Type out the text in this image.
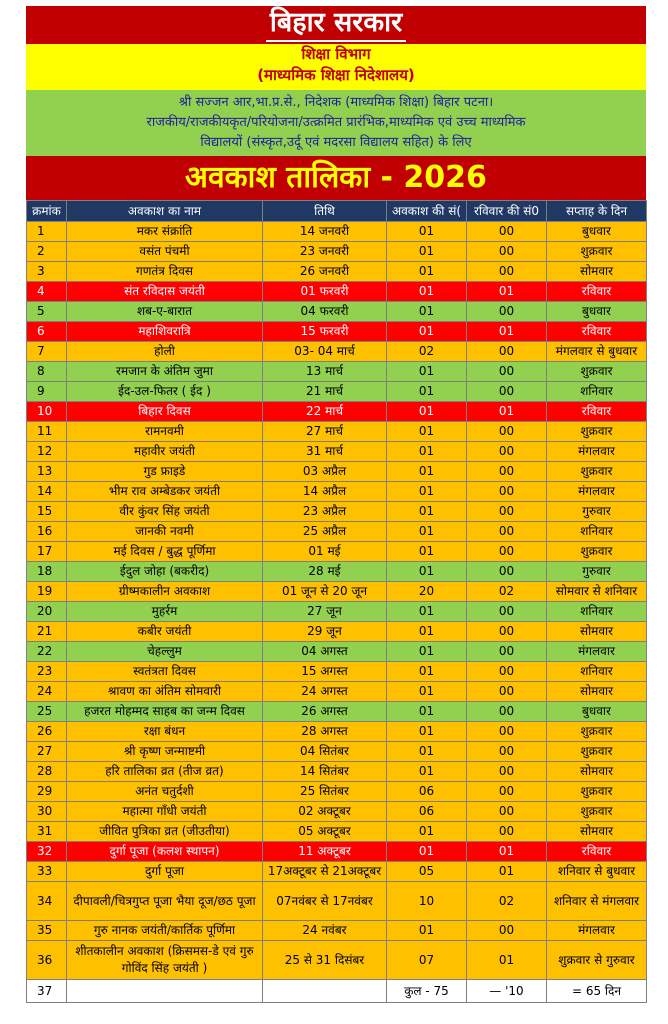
बिहार सरकार
शिक्षा विभाग
(माध्यमिक शिक्षा निदेशालय)
श्री सज्जन आर,भा.प्र.से., निदेशक (माध्यमिक शिक्षा) बिहार पटना।
राजकीय/राजकीयकृत/परियोजना/उत्क्रमित प्रारंभिक,माध्यमिक एवं उच्च माध्यमिक
विद्यालयों (संस्कृत,उर्दू एवं मदरसा विद्यालय सहित) के लिए
अवकाश तालिका - 2026
क्रमांक	अवकाश का नाम	तिथि	अवकाश की सं(	रविवार की सं0	सप्ताह के दिन
1	मकर संक्रांति	14 जनवरी	01	00	बुधवार
2	वसंत पंचमी	23 जनवरी	01	00	शुक्रवार
3	गणतंत्र दिवस	26 जनवरी	01	00	सोमवार
4	संत रविदास जयंती	01 फरवरी	01	01	रविवार
5	शब-ए-बारात	04 फरवरी	01	00	बुधवार
6	महाशिवरात्रि	15 फरवरी	01	01	रविवार
7	होली	03- 04 मार्च	02	00	मंगलवार से बुधवार
8	रमजान के अंतिम जुमा	13 मार्च	01	00	शुक्रवार
9	ईद-उल-फितर ( ईद )	21 मार्च	01	00	शनिवार
10	बिहार दिवस	22 मार्च	01	01	रविवार
11	रामनवमी	27 मार्च	01	00	शुक्रवार
12	महावीर जयंती	31 मार्च	01	00	मंगलवार
13	गुड फ्राइडे	03 अप्रैल	01	00	शुक्रवार
14	भीम राव अम्बेडकर जयंती	14 अप्रैल	01	00	मंगलवार
15	वीर कुंवर सिंह जयंती	23 अप्रैल	01	00	गुरुवार
16	जानकी नवमी	25 अप्रैल	01	00	शनिवार
17	मई दिवस / बुद्ध पूर्णिमा	01 मई	01	00	शुक्रवार
18	ईदुल जोहा (बकरीद)	28 मई	01	00	गुरुवार
19	ग्रीष्मकालीन अवकाश	01 जून से 20 जून	20	02	सोमवार से शनिवार
20	मुहर्रम	27 जून	01	00	शनिवार
21	कबीर जयंती	29 जून	01	00	सोमवार
22	चेहल्लुम	04 अगस्त	01	00	मंगलवार
23	स्वतंत्रता दिवस	15 अगस्त	01	00	शनिवार
24	श्रावण का अंतिम सोमवारी	24 अगस्त	01	00	सोमवार
25	हजरत मोहम्मद साहब का जन्म दिवस	26 अगस्त	01	00	बुधवार
26	रक्षा बंधन	28 अगस्त	01	00	शुक्रवार
27	श्री कृष्ण जन्माष्टमी	04 सितंबर	01	00	शुक्रवार
28	हरि तालिका व्रत (तीज व्रत)	14 सितंबर	01	00	सोमवार
29	अनंत चतुर्दशी	25 सितंबर	06	00	शुक्रवार
30	महात्मा गाँधी जयंती	02 अक्टूबर	06	00	शुक्रवार
31	जीवित पुत्रिका व्रत (जीउतीया)	05 अक्टूबर	01	00	सोमवार
32	दुर्गा पूजा (कलश स्थापन)	11 अक्टूबर	01	01	रविवार
33	दुर्गा पूजा	17अक्टूबर से 21अक्टूबर	05	01	शनिवार से बुधवार
34	दीपावली/चित्रगुप्त पूजा भैया दूज/छठ पूजा	07नवंबर से 17नवंबर	10	02	शनिवार से मंगलवार
35	गुरु नानक जयंती/कार्तिक पूर्णिमा	24 नवंबर	01	00	मंगलवार
36	शीतकालीन अवकाश (क्रिसमस-डे एवं गुरु गोविंद सिंह जयंती )	25 से 31 दिसंबर	07	01	शुक्रवार से गुरुवार
37			कुल - 75	— '10	= 65 दिन
